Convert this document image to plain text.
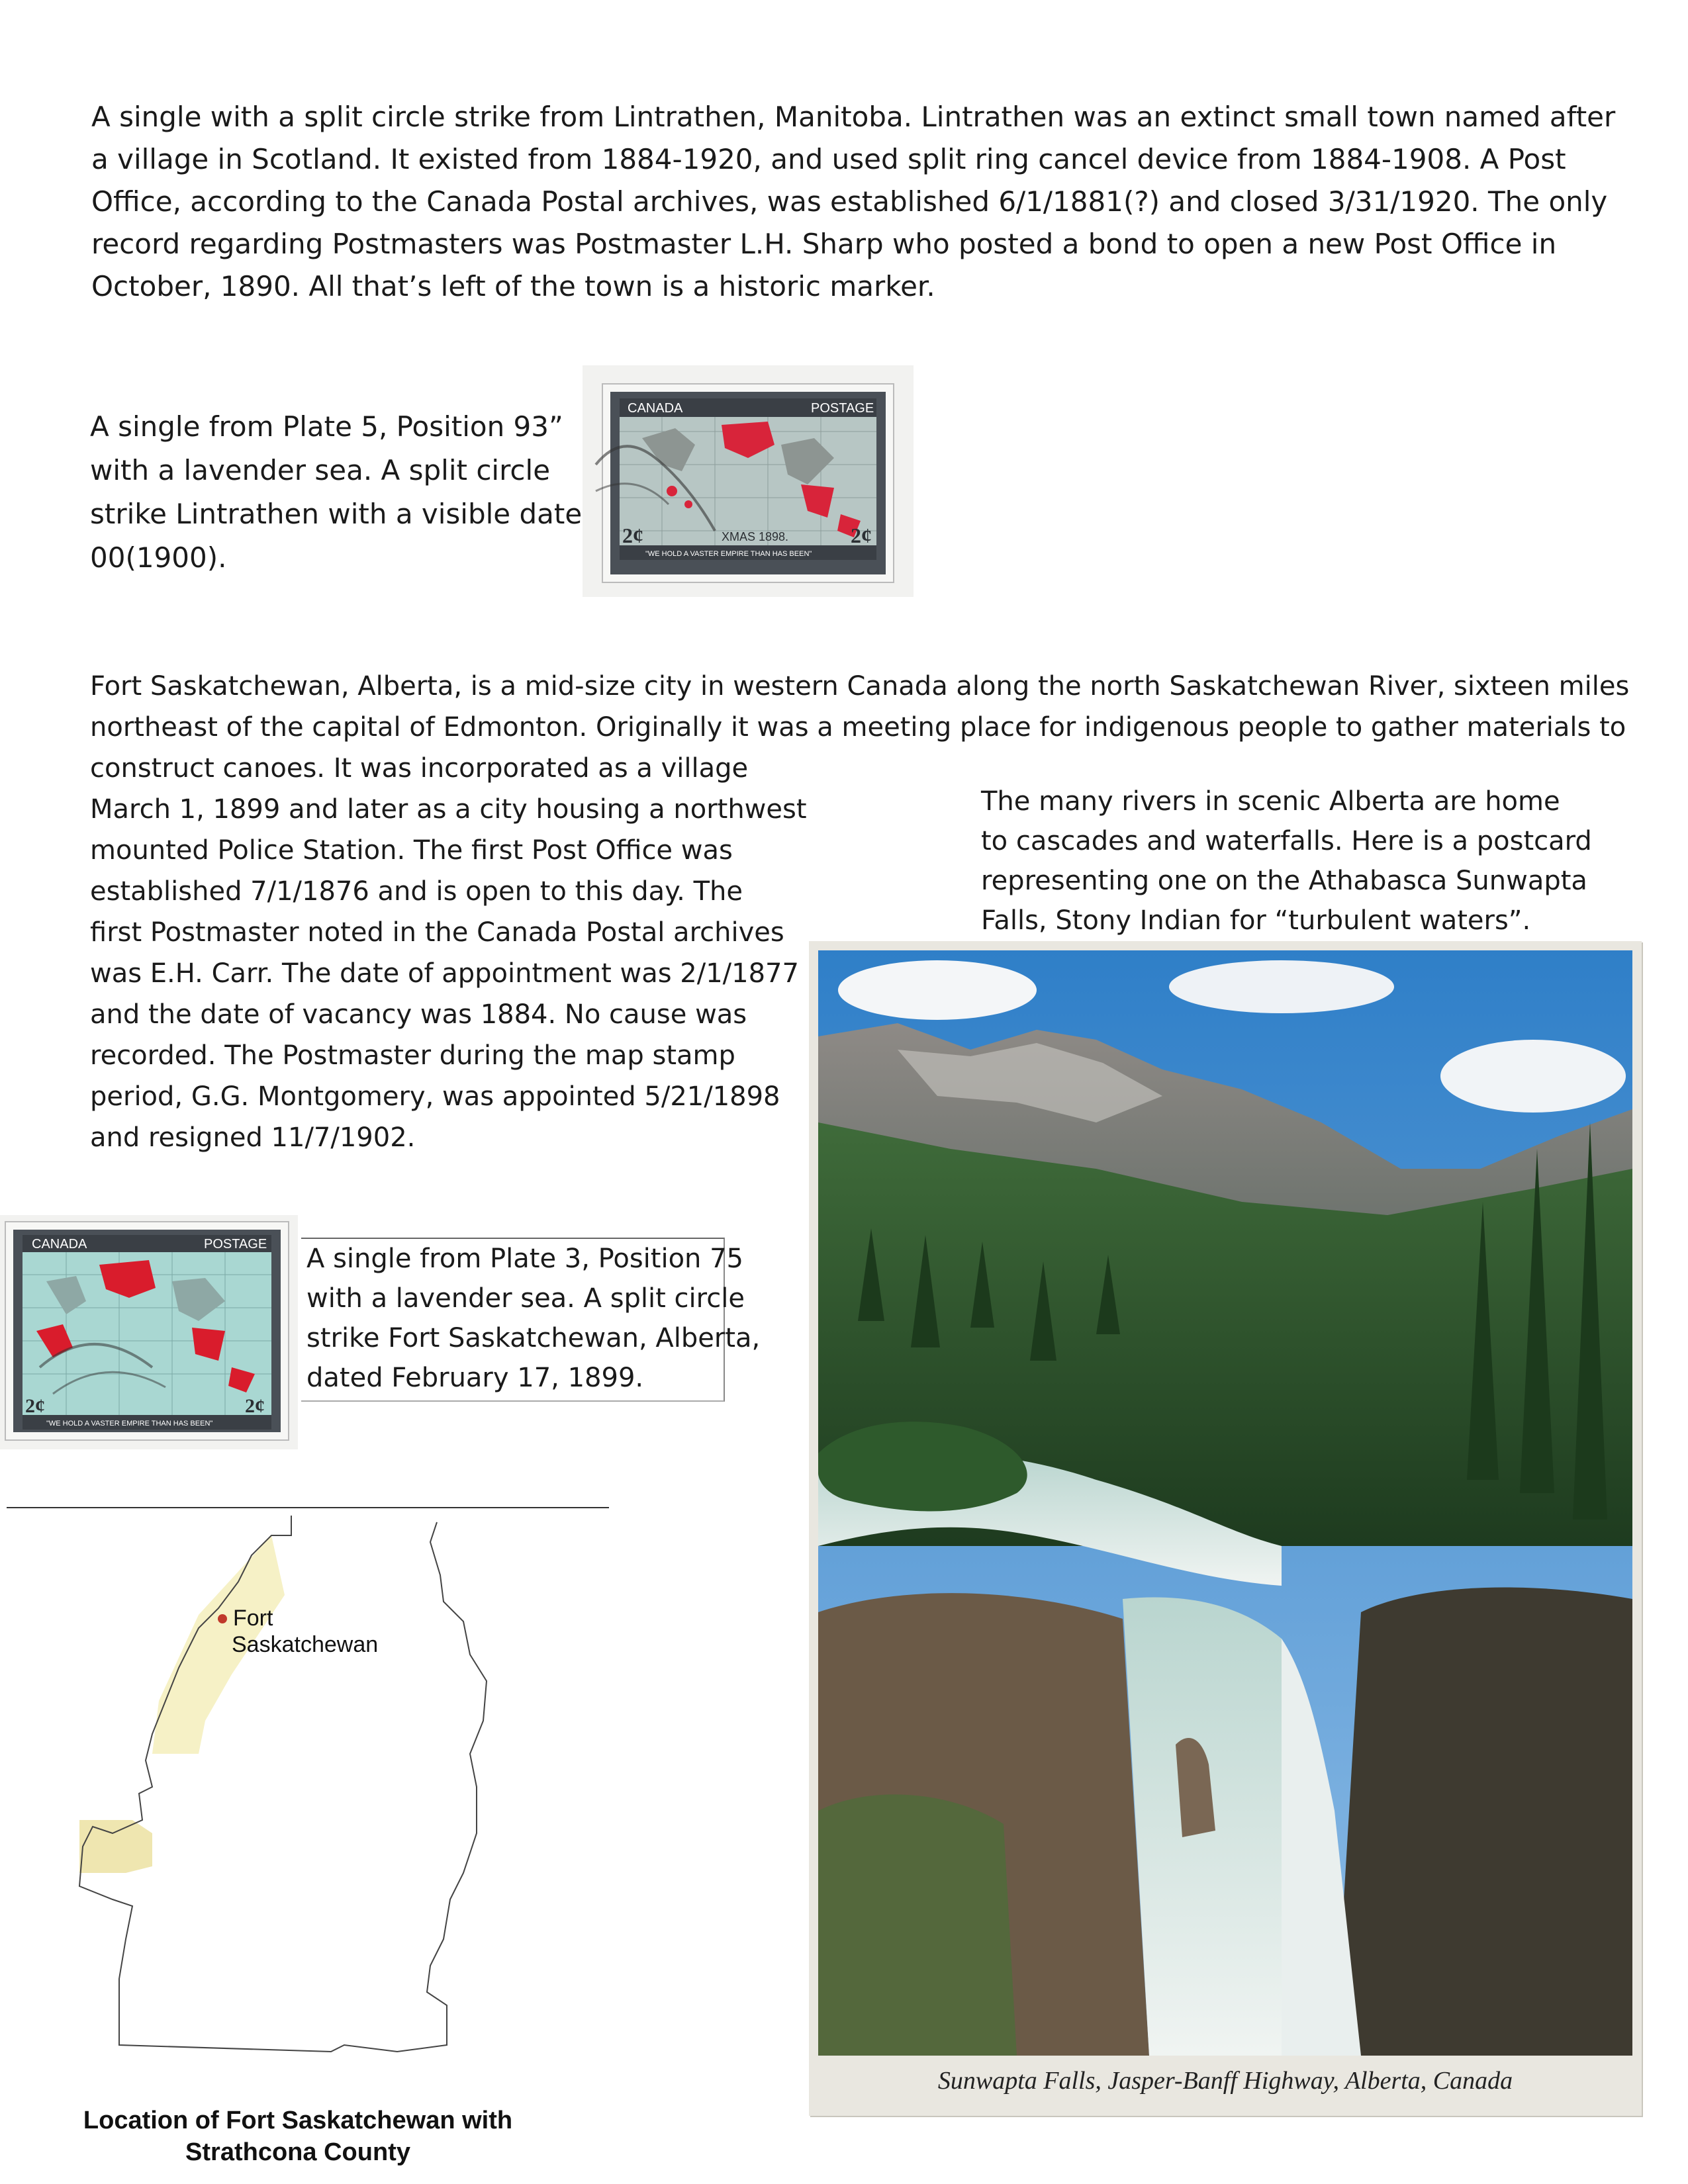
A single with a split circle strike from Lintrathen, Manitoba. Lintrathen was an extinct small town named after
a village in Scotland. It existed from 1884-1920, and used split ring cancel device from 1884-1908. A Post
Office, according to the Canada Postal archives, was established 6/1/1881(?) and closed 3/31/1920. The only
record regarding Postmasters was Postmaster L.H. Sharp who posted a bond to open a new Post Office in
October, 1890. All that’s left of the town is a historic marker.
A single from Plate 5, Position 93”
with a lavender sea. A split circle
strike Lintrathen with a visible date
00(1900).
CANADA	POSTAGE
XMAS 1898.
"WE HOLD A VASTER EMPIRE THAN HAS BEEN"
2¢	2¢
Fort Saskatchewan, Alberta, is a mid-size city in western Canada along the north Saskatchewan River, sixteen miles
northeast of the capital of Edmonton. Originally it was a meeting place for indigenous people to gather materials to
construct canoes. It was incorporated as a village
March 1, 1899 and later as a city housing a northwest
mounted Police Station. The first Post Office was
established 7/1/1876 and is open to this day. The
first Postmaster noted in the Canada Postal archives
was E.H. Carr. The date of appointment was 2/1/1877
and the date of vacancy was 1884. No cause was
recorded. The Postmaster during the map stamp
period, G.G. Montgomery, was appointed 5/21/1898
and resigned 11/7/1902.
The many rivers in scenic Alberta are home
to cascades and waterfalls. Here is a postcard
representing one on the Athabasca Sunwapta
Falls, Stony Indian for “turbulent waters”.
CANADA	POSTAGE
"WE HOLD A VASTER EMPIRE THAN HAS BEEN"
2¢	2¢
A single from Plate 3, Position 75
with a lavender sea. A split circle
strike Fort Saskatchewan, Alberta,
dated February 17, 1899.
Fort
Saskatchewan
Location of Fort Saskatchewan with
Strathcona County
Sunwapta Falls, Jasper-Banff Highway, Alberta, Canada
